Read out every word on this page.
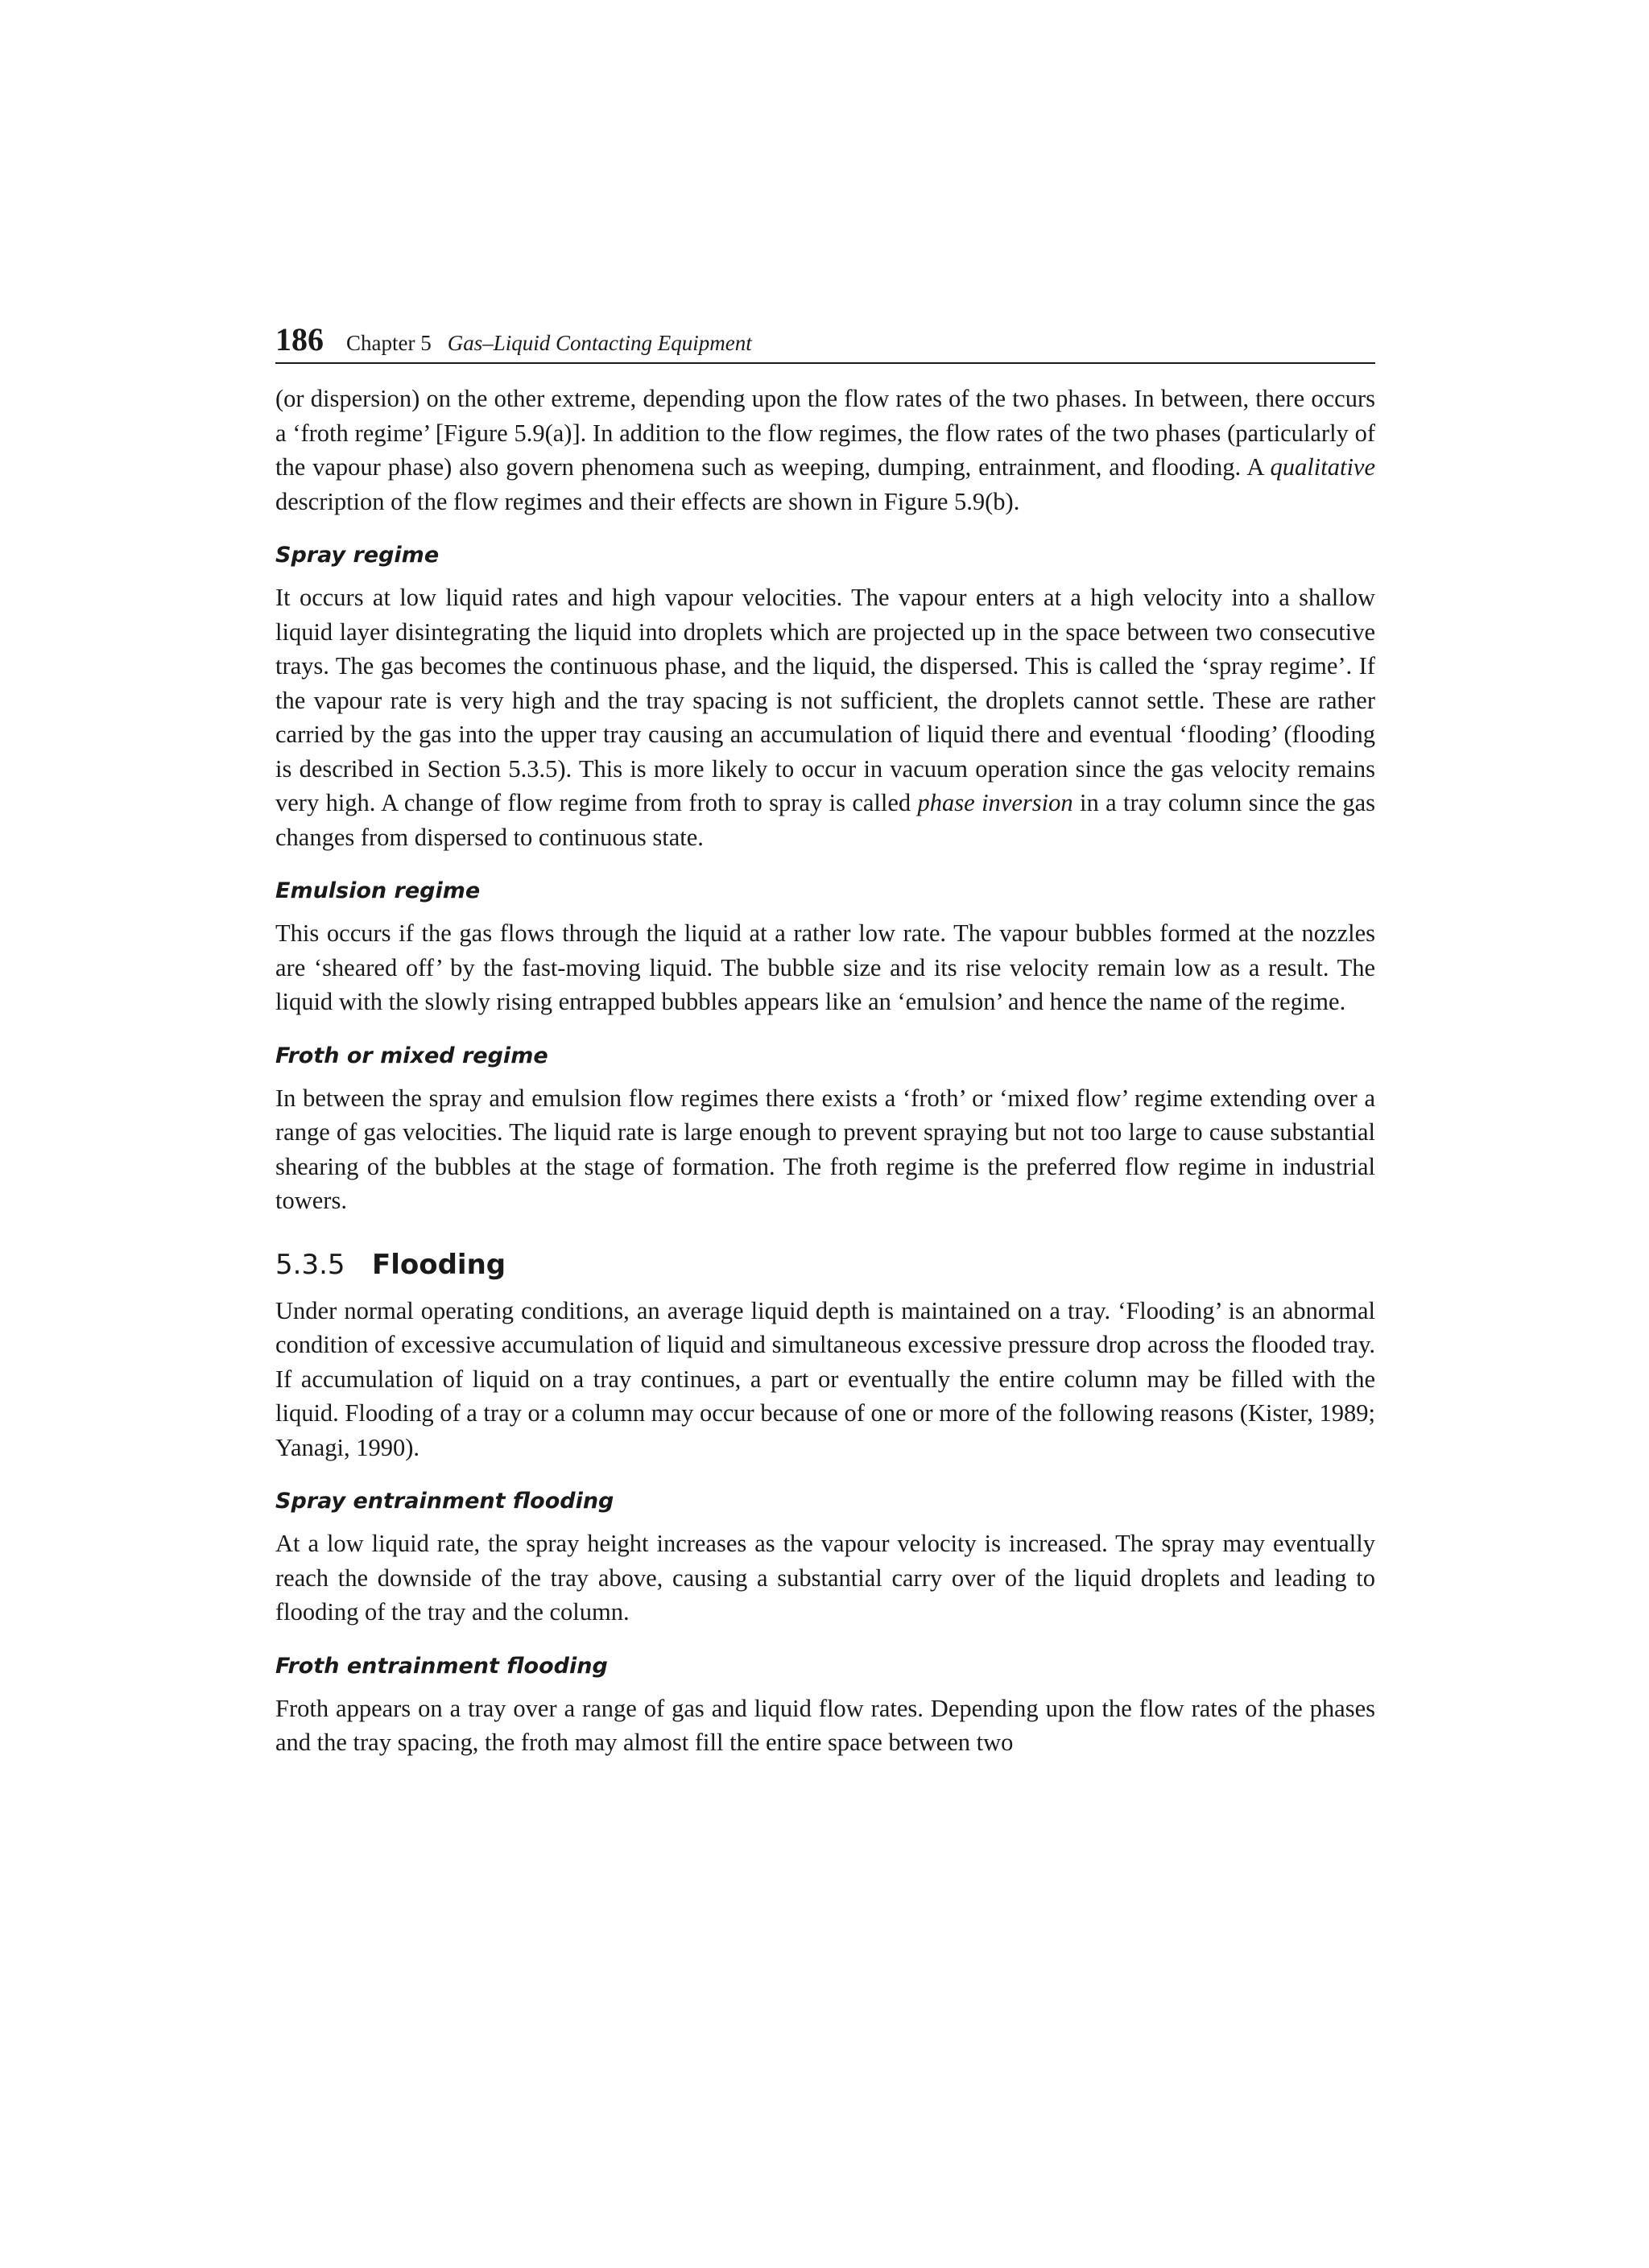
186 Chapter 5 Gas–Liquid Contacting Equipment

(or dispersion) on the other extreme, depending upon the flow rates of the two phases. In between, there occurs a ‘froth regime’ [Figure 5.9(a)]. In addition to the flow regimes, the flow rates of the two phases (particularly of the vapour phase) also govern phenomena such as weeping, dumping, entrainment, and flooding. A qualitative description of the flow regimes and their effects are shown in Figure 5.9(b).

Spray regime

It occurs at low liquid rates and high vapour velocities. The vapour enters at a high velocity into a shallow liquid layer disintegrating the liquid into droplets which are projected up in the space between two consecutive trays. The gas becomes the continuous phase, and the liquid, the dispersed. This is called the ‘spray regime’. If the vapour rate is very high and the tray spacing is not sufficient, the droplets cannot settle. These are rather carried by the gas into the upper tray causing an accumulation of liquid there and eventual ‘flooding’ (flooding is described in Section 5.3.5). This is more likely to occur in vacuum operation since the gas velocity remains very high. A change of flow regime from froth to spray is called phase inversion in a tray column since the gas changes from dispersed to continuous state.

Emulsion regime

This occurs if the gas flows through the liquid at a rather low rate. The vapour bubbles formed at the nozzles are ‘sheared off’ by the fast-moving liquid. The bubble size and its rise velocity remain low as a result. The liquid with the slowly rising entrapped bubbles appears like an ‘emulsion’ and hence the name of the regime.

Froth or mixed regime

In between the spray and emulsion flow regimes there exists a ‘froth’ or ‘mixed flow’ regime extending over a range of gas velocities. The liquid rate is large enough to prevent spraying but not too large to cause substantial shearing of the bubbles at the stage of formation. The froth regime is the preferred flow regime in industrial towers.

5.3.5 Flooding

Under normal operating conditions, an average liquid depth is maintained on a tray. ‘Flooding’ is an abnormal condition of excessive accumulation of liquid and simultaneous excessive pressure drop across the flooded tray. If accumulation of liquid on a tray continues, a part or eventually the entire column may be filled with the liquid. Flooding of a tray or a column may occur because of one or more of the following reasons (Kister, 1989; Yanagi, 1990).

Spray entrainment flooding

At a low liquid rate, the spray height increases as the vapour velocity is increased. The spray may eventually reach the downside of the tray above, causing a substantial carry over of the liquid droplets and leading to flooding of the tray and the column.

Froth entrainment flooding

Froth appears on a tray over a range of gas and liquid flow rates. Depending upon the flow rates of the phases and the tray spacing, the froth may almost fill the entire space between two
